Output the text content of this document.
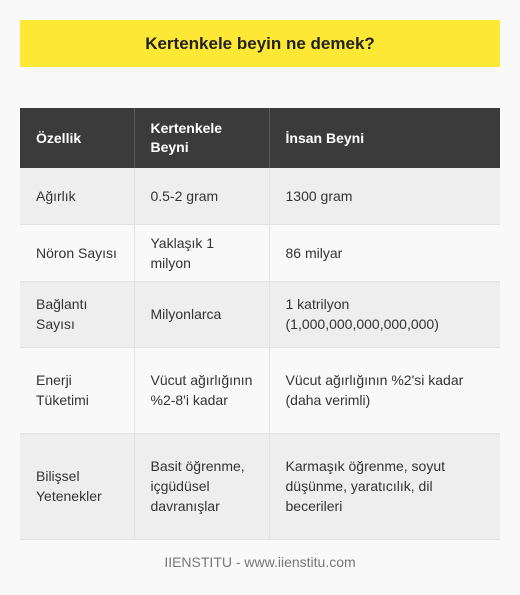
Kertenkele beyin ne demek?
Özellik	Kertenkele Beyni	İnsan Beyni
Ağırlık	0.5-2 gram	1300 gram
Nöron Sayısı	Yaklaşık 1 milyon	86 milyar
Bağlantı Sayısı	Milyonlarca	1 katrilyon (1,000,000,000,000,000)
Enerji Tüketimi	Vücut ağırlığının %2-8'i kadar	Vücut ağırlığının %2'si kadar (daha verimli)
Bilişsel Yetenekler	Basit öğrenme, içgüdüsel davranışlar	Karmaşık öğrenme, soyut düşünme, yaratıcılık, dil becerileri
IIENSTITU - www.iienstitu.com
